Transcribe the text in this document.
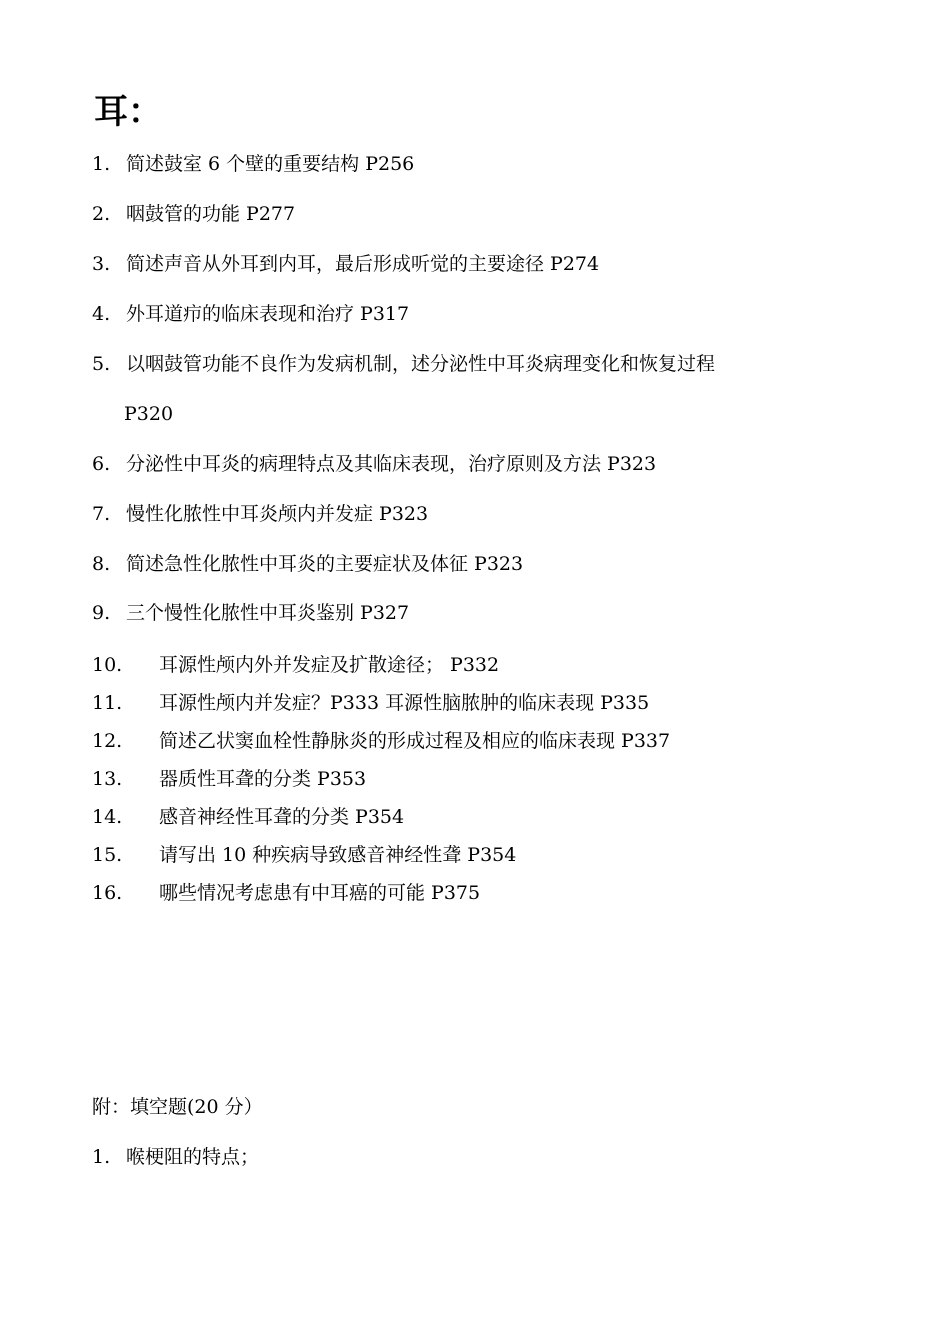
耳：
1.简述鼓室 6 个壁的重要结构 P256
2. 咽鼓管的功能 P277
3. 简述声音从外耳到内耳，最后形成听觉的主要途径 P274
4. 外耳道疖的临床表现和治疗 P317
5. 以咽鼓管功能不良作为发病机制，述分泌性中耳炎病理变化和恢复过程
P320
6. 分泌性中耳炎的病理特点及其临床表现，治疗原则及方法 P323
7. 慢性化脓性中耳炎颅内并发症 P323
8. 简述急性化脓性中耳炎的主要症状及体征 P323
9. 三个慢性化脓性中耳炎鉴别 P327
10. 耳源性颅内外并发症及扩散途径； P332
11. 耳源性颅内并发症？P333 耳源性脑脓肿的临床表现 P335
12. 简述乙状窦血栓性静脉炎的形成过程及相应的临床表现 P337
13. 器质性耳聋的分类 P353
14. 感音神经性耳聋的分类 P354
15. 请写出 10 种疾病导致感音神经性聋 P354
16. 哪些情况考虑患有中耳癌的可能 P375
附：填空题(20 分）
1. 喉梗阻的特点；
